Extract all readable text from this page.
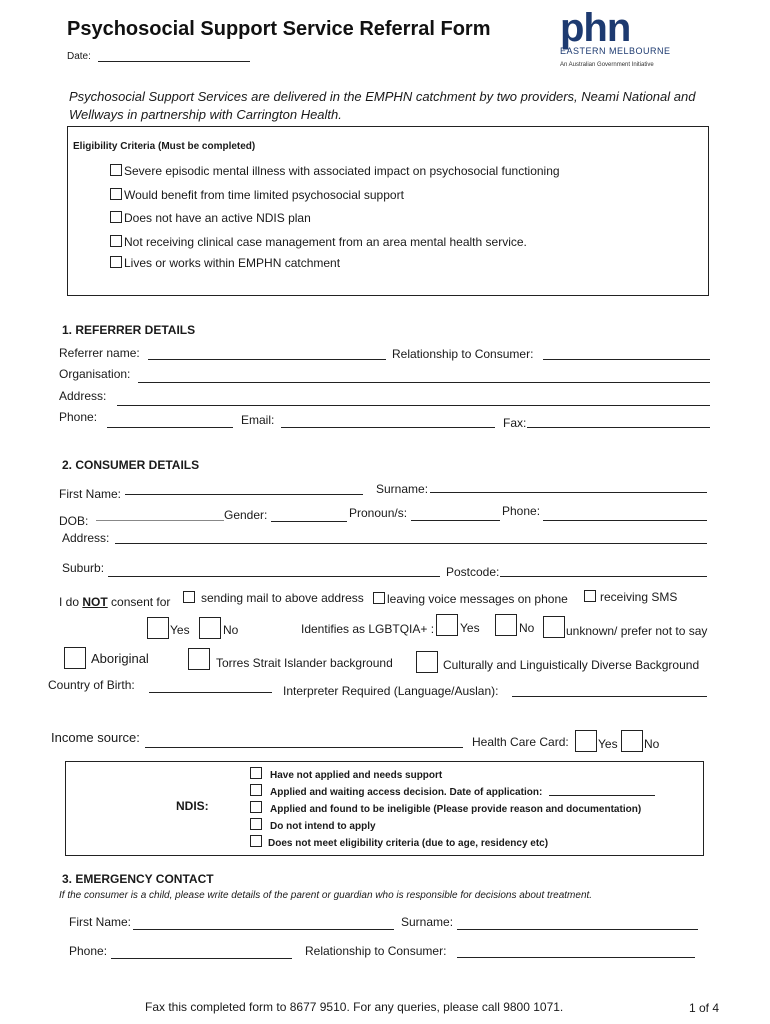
Psychosocial Support Service Referral Form
Date:
phn
EASTERN MELBOURNE
An Australian Government Initiative
Psychosocial Support Services are delivered in the EMPHN catchment by two providers, Neami National and Wellways in partnership with Carrington Health.
Eligibility Criteria (Must be completed)
Severe episodic mental illness with associated impact on psychosocial functioning
Would benefit from time limited psychosocial support
Does not have an active NDIS plan
Not receiving clinical case management from an area mental health service.
Lives or works within EMPHN catchment
1. REFERRER DETAILS
Referrer name:	Relationship to Consumer:
Organisation:
Address:
Phone:	Email:	Fax:
2. CONSUMER DETAILS
First Name:	Surname:
DOB:	Gender:	Pronoun/s:	Phone:
Address:
Suburb:	Postcode:
I do NOT consent for	sending mail to above address	leaving voice messages on phone	receiving SMS
Yes	No	Identifies as LGBTQIA+ : Yes	No	unknown/ prefer not to say
Aboriginal	Torres Strait Islander background	Culturally and Linguistically Diverse Background
Country of Birth:	Interpreter Required (Language/Auslan):
Income source:	Health Care Card: Yes No
NDIS:
Have not applied and needs support
Applied and waiting access decision. Date of application:
Applied and found to be ineligible (Please provide reason and documentation)
Do not intend to apply
Does not meet eligibility criteria (due to age, residency etc)
3. EMERGENCY CONTACT
If the consumer is a child, please write details of the parent or guardian who is responsible for decisions about treatment.
First Name:	Surname:
Phone:	Relationship to Consumer:
Fax this completed form to 8677 9510. For any queries, please call 9800 1071.	1 of 4
